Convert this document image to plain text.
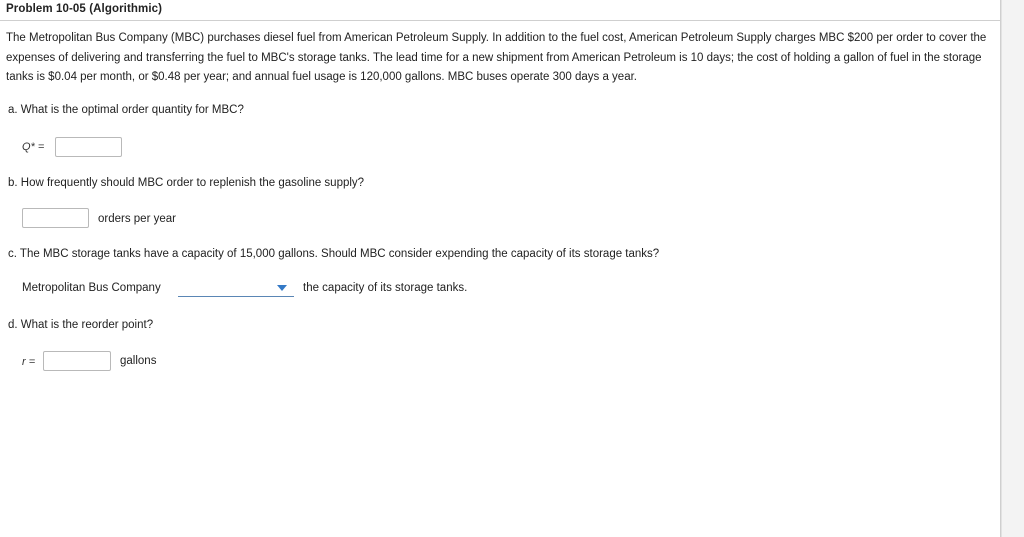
Problem 10-05 (Algorithmic)
The Metropolitan Bus Company (MBC) purchases diesel fuel from American Petroleum Supply. In addition to the fuel cost, American Petroleum Supply charges MBC $200 per order to cover the expenses of delivering and transferring the fuel to MBC's storage tanks. The lead time for a new shipment from American Petroleum is 10 days; the cost of holding a gallon of fuel in the storage tanks is $0.04 per month, or $0.48 per year; and annual fuel usage is 120,000 gallons. MBC buses operate 300 days a year.
a. What is the optimal order quantity for MBC?
Q* =
b. How frequently should MBC order to replenish the gasoline supply?
orders per year
c. The MBC storage tanks have a capacity of 15,000 gallons. Should MBC consider expending the capacity of its storage tanks?
Metropolitan Bus Company	the capacity of its storage tanks.
d. What is the reorder point?
r =	gallons
